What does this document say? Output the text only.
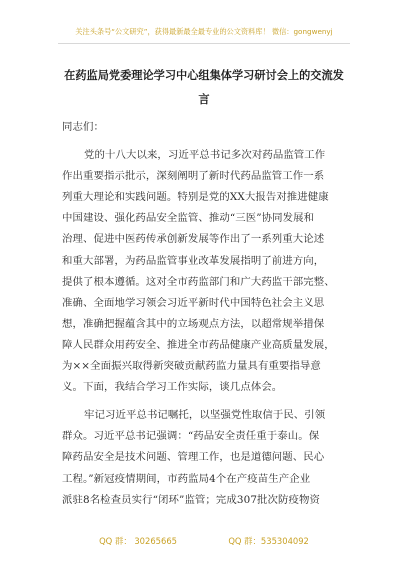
关注头条号“公文研究”，获得最新最全最专业的公文资料库！ 微信：gongwenyj
在药监局党委理论学习中心组集体学习研讨会上的交流发
言
同志们：
党的十八大以来，习近平总书记多次对药品监管工作
作出重要指示批示，深刻阐明了新时代药品监管工作一系
列重大理论和实践问题。特别是党的XX大报告对推进健康
中国建设、强化药品安全监管、推动“三医”协同发展和
治理、促进中医药传承创新发展等作出了一系列重大论述
和重大部署，为药品监管事业改革发展指明了前进方向，
提供了根本遵循。这对全市药监部门和广大药监干部完整、
准确、全面地学习领会习近平新时代中国特色社会主义思
想，准确把握蕴含其中的立场观点方法，以超常规举措保
障人民群众用药安全、推进全市药品健康产业高质量发展，
为××全面振兴取得新突破贡献药监力量具有重要指导意
义。下面，我结合学习工作实际，谈几点体会。
牢记习近平总书记嘱托，以坚强党性取信于民、引领
群众。习近平总书记强调：“药品安全责任重于泰山。保
障药品安全是技术问题、管理工作，也是道德问题、民心
工程。”新冠疫情期间，市药监局4个在产疫苗生产企业
派驻8名检查员实行“闭环”监管；完成307批次防疫物资
QQ 群： 30265665	QQ 群：535304092
